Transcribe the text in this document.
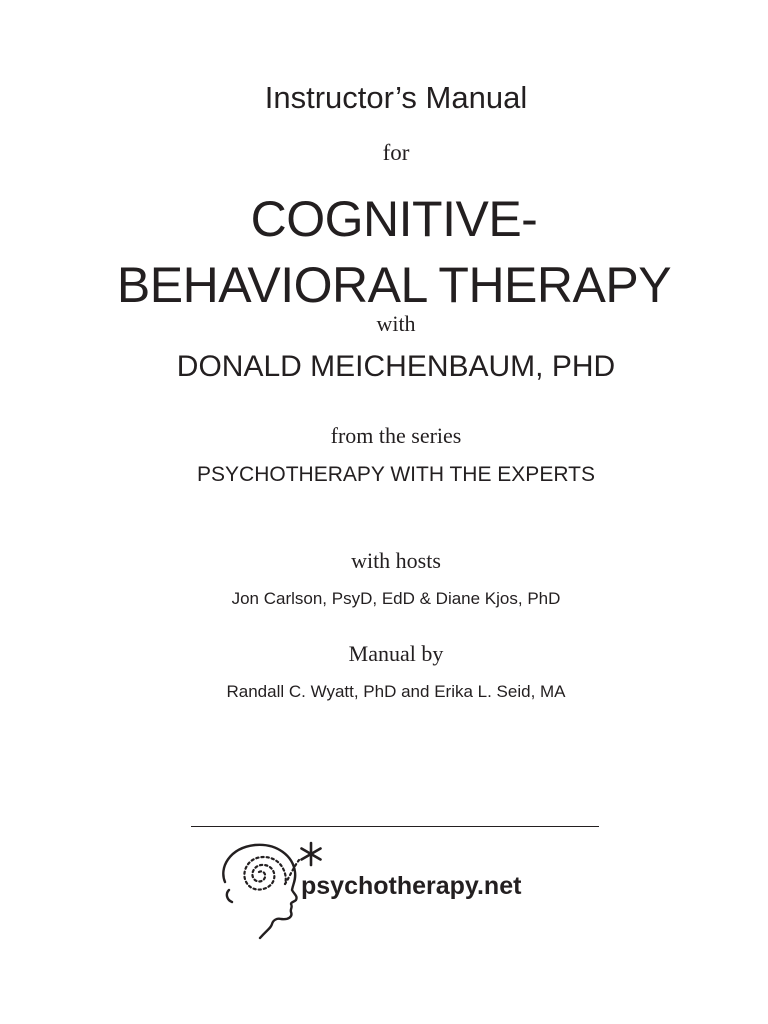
Instructor’s Manual

for

COGNITIVE-

BEHAVIORAL THERAPY

with

DONALD MEICHENBAUM, PHD

from the series

PSYCHOTHERAPY WITH THE EXPERTS

with hosts

Jon Carlson, PsyD, EdD & Diane Kjos, PhD

Manual by

Randall C. Wyatt, PhD and Erika L. Seid, MA

psychotherapy.net
